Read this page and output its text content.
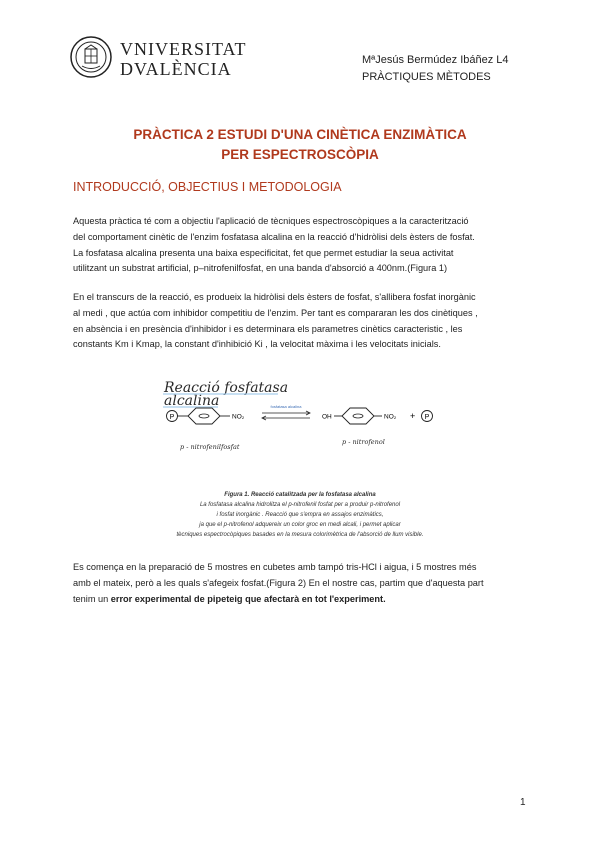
VNIVERSITAT
DVALÈNCIA	MªJesús Bermúdez Ibáñez L4
PRÀCTIQUES MÈTODES
PRÀCTICA 2 ESTUDI D'UNA CINÈTICA ENZIMÀTICA
PER ESPECTROSCÒPIA
INTRODUCCIÓ, OBJECTIUS I METODOLOGIA
Aquesta pràctica té com a objectiu l'aplicació de tècniques espectroscòpiques a la caracterització
del comportament cinètic de l'enzim fosfatasa alcalina en la reacció d'hidròlisi dels èsters de fosfat.
La fosfatasa alcalina presenta una baixa especificitat, fet que permet estudiar la seua activitat
utilitzant un substrat artificial, p–nitrofenilfosfat, en una banda d'absorció a 400nm.(Figura 1)
En el transcurs de la reacció, es produeix la hidròlisi dels èsters de fosfat, s'allibera fosfat inorgànic
al medi , que actúa com inhibidor competitiu de l'enzim. Per tant es compararan les dos cinètiques ,
en absència i en presència d'inhibidor i es determinara els parametres cinètics caracteristic , les
constants Km i Kmap, la constant d'inhibició Ki , la velocitat màxima i les velocitats inicials.
Reacció fosfatasa
alcalina
P	NO₂
p - nitrofenilfosfat
fosfatasa alcalina
OH	NO₂ + P
p - nitrofenol
Figura 1. Reacció catalitzada per la fosfatasa alcalina
La fosfatasa alcalina hidrolitza el p-nitrofenil fosfat per a produir p-nitrofenol
i fosfat inorgànic . Reacció que s'empra en assajos enzimàtics,
ja que el p-nitrofenol adquereix un color groc en medi alcali, i permet aplicar
tècniques espectrocòpiques basades en la mesura colorimètrica de l'absorció de llum visible.
Es comença en la preparació de 5 mostres en cubetes amb tampó tris-HCl i aigua, i 5 mostres més
amb el mateix, però a les quals s'afegeix fosfat.(Figura 2) En el nostre cas, partim que d'aquesta part
tenim un error experimental de pipeteig que afectarà en tot l'experiment.
1
